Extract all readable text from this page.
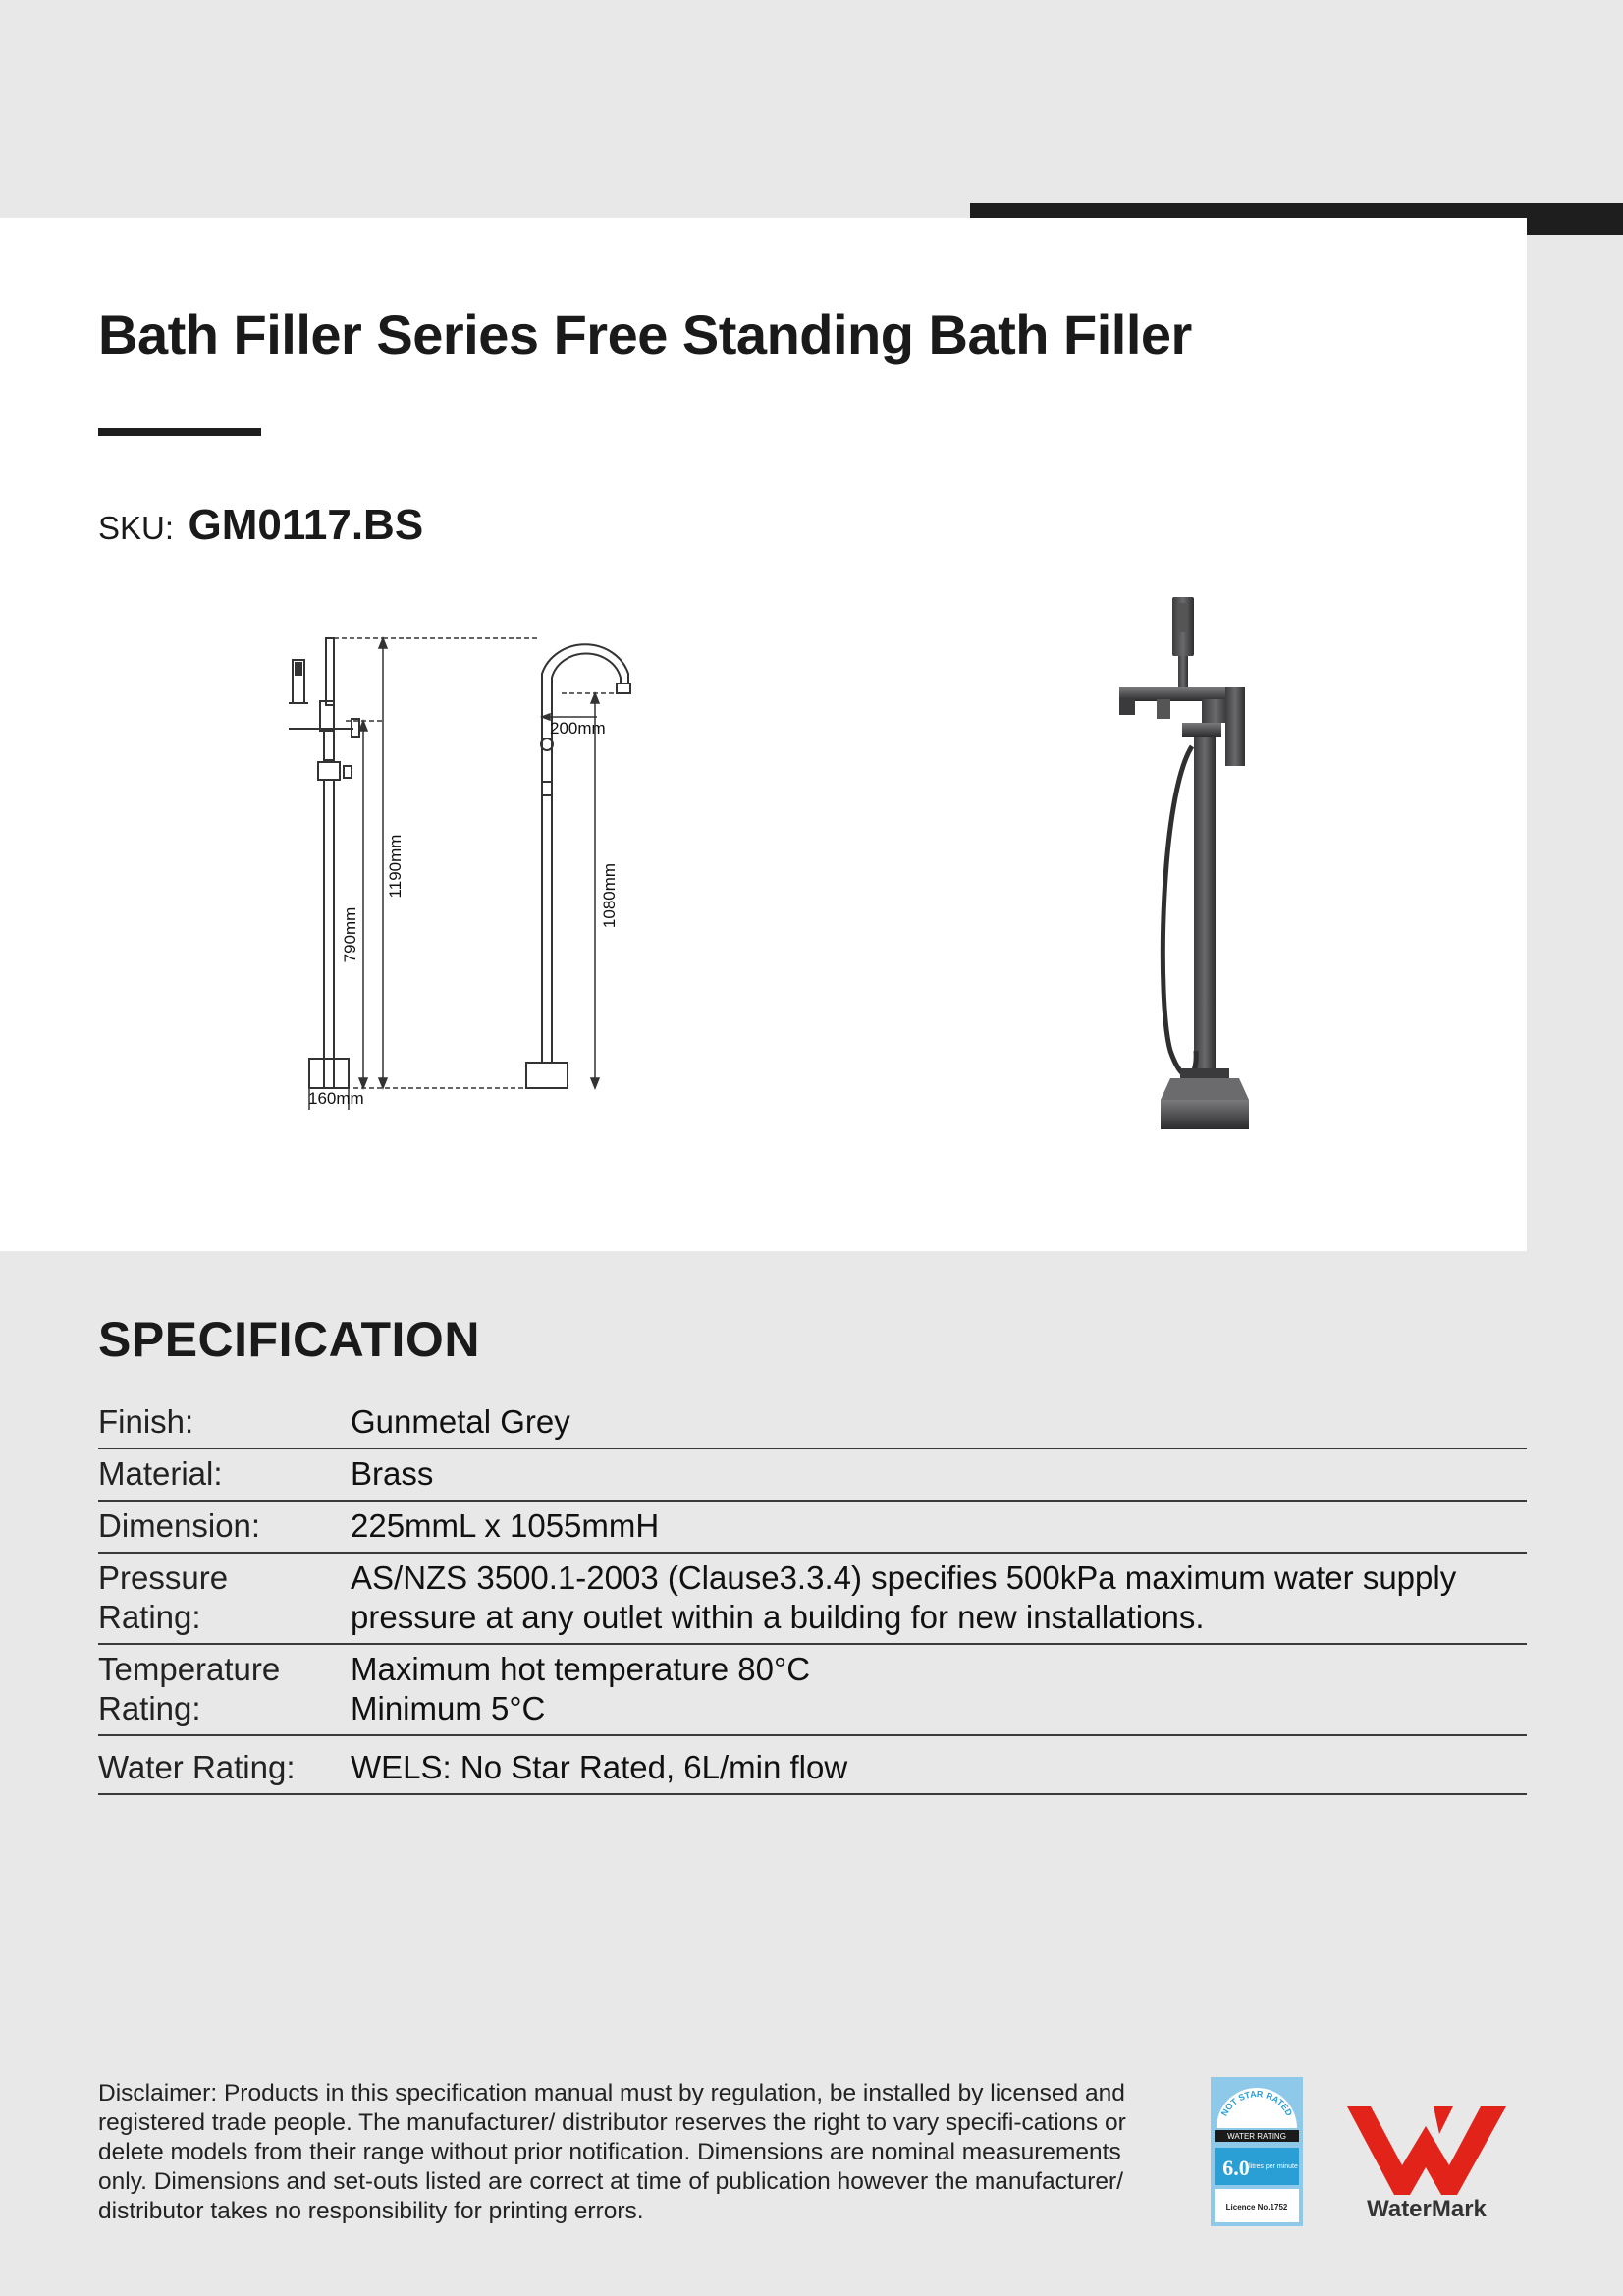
Bath Filler Series Free Standing Bath Filler
SKU: GM0117.BS
200mm
1190mm	1080mm
790mm
160mm
SPECIFICATION
Finish:	Gunmetal Grey
Material:	Brass
Dimension:	225mmL x 1055mmH
Pressure Rating:
AS/NZS 3500.1-2003 (Clause3.3.4) specifies 500kPa maximum water supply pressure at any outlet within a building for new installations.
Temperature Rating:
Maximum hot temperature 80°C
Minimum 5°C
Water Rating:	WELS: No Star Rated, 6L/min flow
Disclaimer: Products in this specification manual must by regulation, be installed by licensed and registered trade people. The manufacturer/ distributor reserves the right to vary specifi-cations or delete models from their range without prior notification. Dimensions are nominal measurements only. Dimensions and set-outs listed are correct at time of publication however the manufacturer/ distributor takes no responsibility for printing errors.
NOT STAR RATED
WATER RATING
6.0 litres per minute
Licence No.1752	WaterMark
